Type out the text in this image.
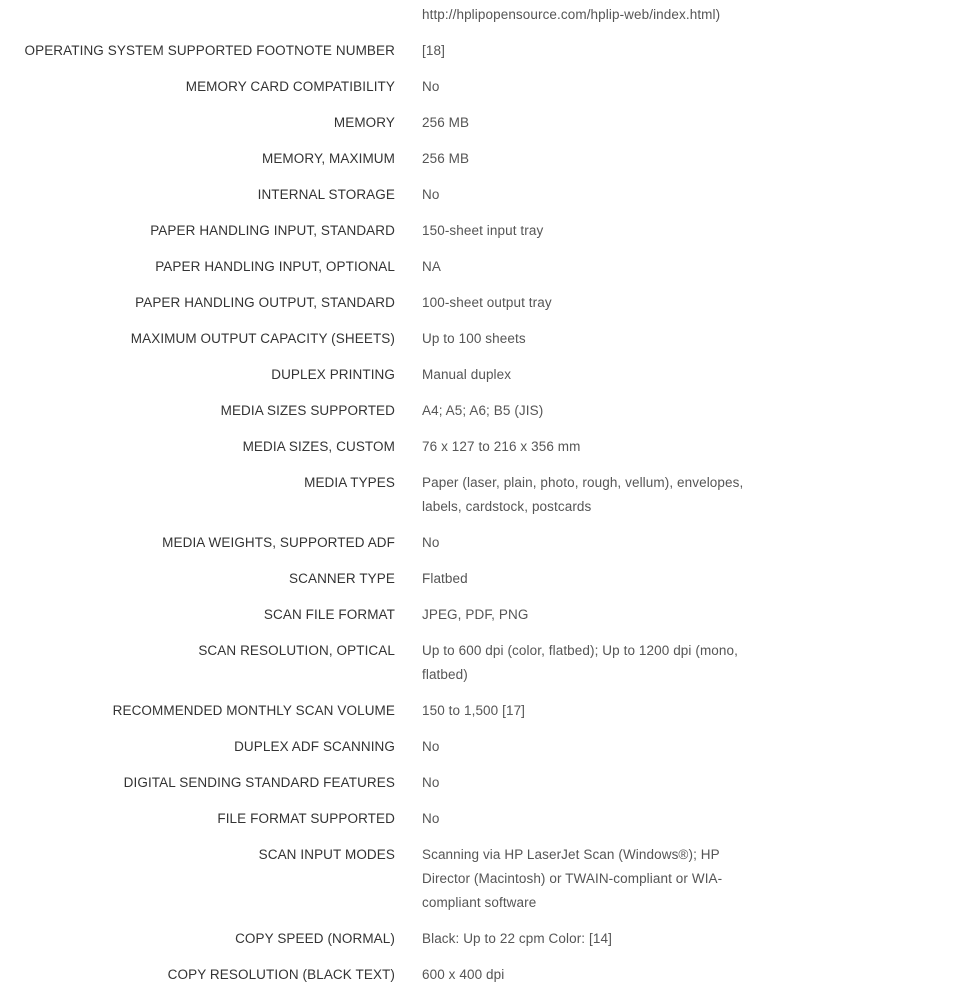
http://hplipopensource.com/hplip-web/index.html)
OPERATING SYSTEM SUPPORTED FOOTNOTE NUMBER [18]
MEMORY CARD COMPATIBILITY No
MEMORY 256 MB
MEMORY, MAXIMUM 256 MB
INTERNAL STORAGE No
PAPER HANDLING INPUT, STANDARD 150-sheet input tray
PAPER HANDLING INPUT, OPTIONAL NA
PAPER HANDLING OUTPUT, STANDARD 100-sheet output tray
MAXIMUM OUTPUT CAPACITY (SHEETS) Up to 100 sheets
DUPLEX PRINTING Manual duplex
MEDIA SIZES SUPPORTED A4; A5; A6; B5 (JIS)
MEDIA SIZES, CUSTOM 76 x 127 to 216 x 356 mm
MEDIA TYPES Paper (laser, plain, photo, rough, vellum), envelopes, labels, cardstock, postcards
MEDIA WEIGHTS, SUPPORTED ADF No
SCANNER TYPE Flatbed
SCAN FILE FORMAT JPEG, PDF, PNG
SCAN RESOLUTION, OPTICAL Up to 600 dpi (color, flatbed); Up to 1200 dpi (mono, flatbed)
RECOMMENDED MONTHLY SCAN VOLUME 150 to 1,500 [17]
DUPLEX ADF SCANNING No
DIGITAL SENDING STANDARD FEATURES No
FILE FORMAT SUPPORTED No
SCAN INPUT MODES Scanning via HP LaserJet Scan (Windows®); HP Director (Macintosh) or TWAIN-compliant or WIA-compliant software
COPY SPEED (NORMAL) Black: Up to 22 cpm Color: [14]
COPY RESOLUTION (BLACK TEXT) 600 x 400 dpi
